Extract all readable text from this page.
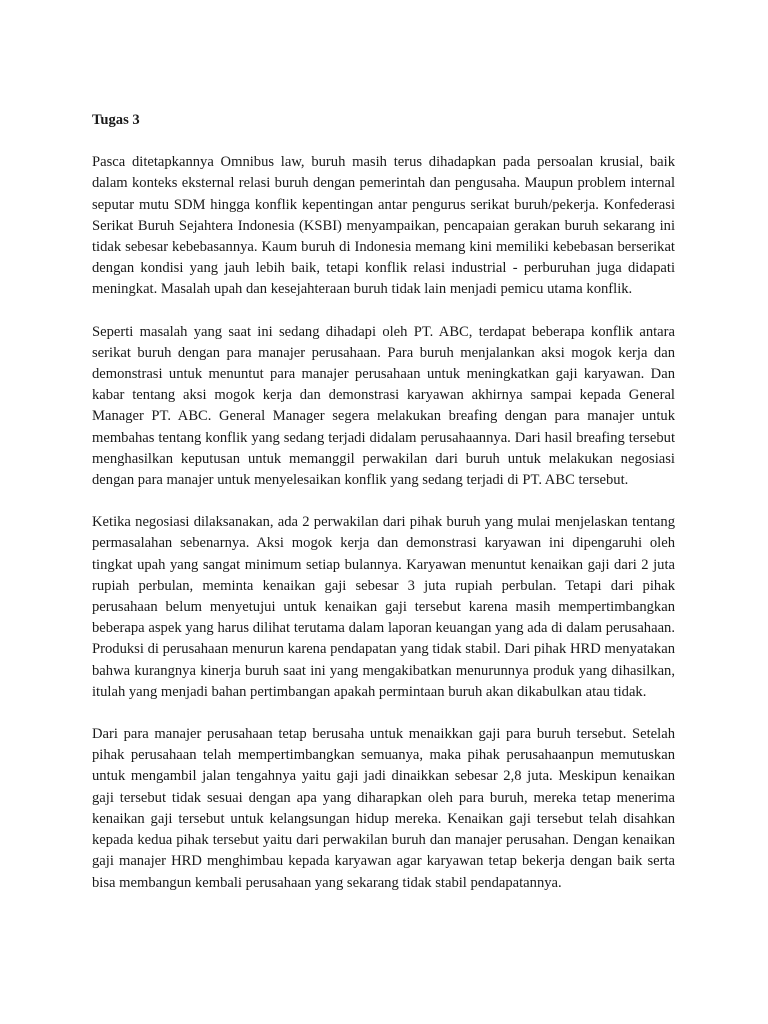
Tugas 3

Pasca ditetapkannya Omnibus law, buruh masih terus dihadapkan pada persoalan krusial, baik dalam konteks eksternal relasi buruh dengan pemerintah dan pengusaha. Maupun problem internal seputar mutu SDM hingga konflik kepentingan antar pengurus serikat buruh/pekerja. Konfederasi Serikat Buruh Sejahtera Indonesia (KSBI) menyampaikan, pencapaian gerakan buruh sekarang ini tidak sebesar kebebasannya. Kaum buruh di Indonesia memang kini memiliki kebebasan berserikat dengan kondisi yang jauh lebih baik, tetapi konflik relasi industrial - perburuhan juga didapati meningkat. Masalah upah dan kesejahteraan buruh tidak lain menjadi pemicu utama konflik.

Seperti masalah yang saat ini sedang dihadapi oleh PT. ABC, terdapat beberapa konflik antara serikat buruh dengan para manajer perusahaan. Para buruh menjalankan aksi mogok kerja dan demonstrasi untuk menuntut para manajer perusahaan untuk meningkatkan gaji karyawan. Dan kabar tentang aksi mogok kerja dan demonstrasi karyawan akhirnya sampai kepada General Manager PT. ABC. General Manager segera melakukan breafing dengan para manajer untuk membahas tentang konflik yang sedang terjadi didalam perusahaannya. Dari hasil breafing tersebut menghasilkan keputusan untuk memanggil perwakilan dari buruh untuk melakukan negosiasi dengan para manajer untuk menyelesaikan konflik yang sedang terjadi di PT. ABC tersebut.

Ketika negosiasi dilaksanakan, ada 2 perwakilan dari pihak buruh yang mulai menjelaskan tentang permasalahan sebenarnya. Aksi mogok kerja dan demonstrasi karyawan ini dipengaruhi oleh tingkat upah yang sangat minimum setiap bulannya. Karyawan menuntut kenaikan gaji dari 2 juta rupiah perbulan, meminta kenaikan gaji sebesar 3 juta rupiah perbulan. Tetapi dari pihak perusahaan belum menyetujui untuk kenaikan gaji tersebut karena masih mempertimbangkan beberapa aspek yang harus dilihat terutama dalam laporan keuangan yang ada di dalam perusahaan. Produksi di perusahaan menurun karena pendapatan yang tidak stabil. Dari pihak HRD menyatakan bahwa kurangnya kinerja buruh saat ini yang mengakibatkan menurunnya produk yang dihasilkan, itulah yang menjadi bahan pertimbangan apakah permintaan buruh akan dikabulkan atau tidak.

Dari para manajer perusahaan tetap berusaha untuk menaikkan gaji para buruh tersebut. Setelah pihak perusahaan telah mempertimbangkan semuanya, maka pihak perusahaanpun memutuskan untuk mengambil jalan tengahnya yaitu gaji jadi dinaikkan sebesar 2,8 juta. Meskipun kenaikan gaji tersebut tidak sesuai dengan apa yang diharapkan oleh para buruh, mereka tetap menerima kenaikan gaji tersebut untuk kelangsungan hidup mereka. Kenaikan gaji tersebut telah disahkan kepada kedua pihak tersebut yaitu dari perwakilan buruh dan manajer perusahan. Dengan kenaikan gaji manajer HRD menghimbau kepada karyawan agar karyawan tetap bekerja dengan baik serta bisa membangun kembali perusahaan yang sekarang tidak stabil pendapatannya.
